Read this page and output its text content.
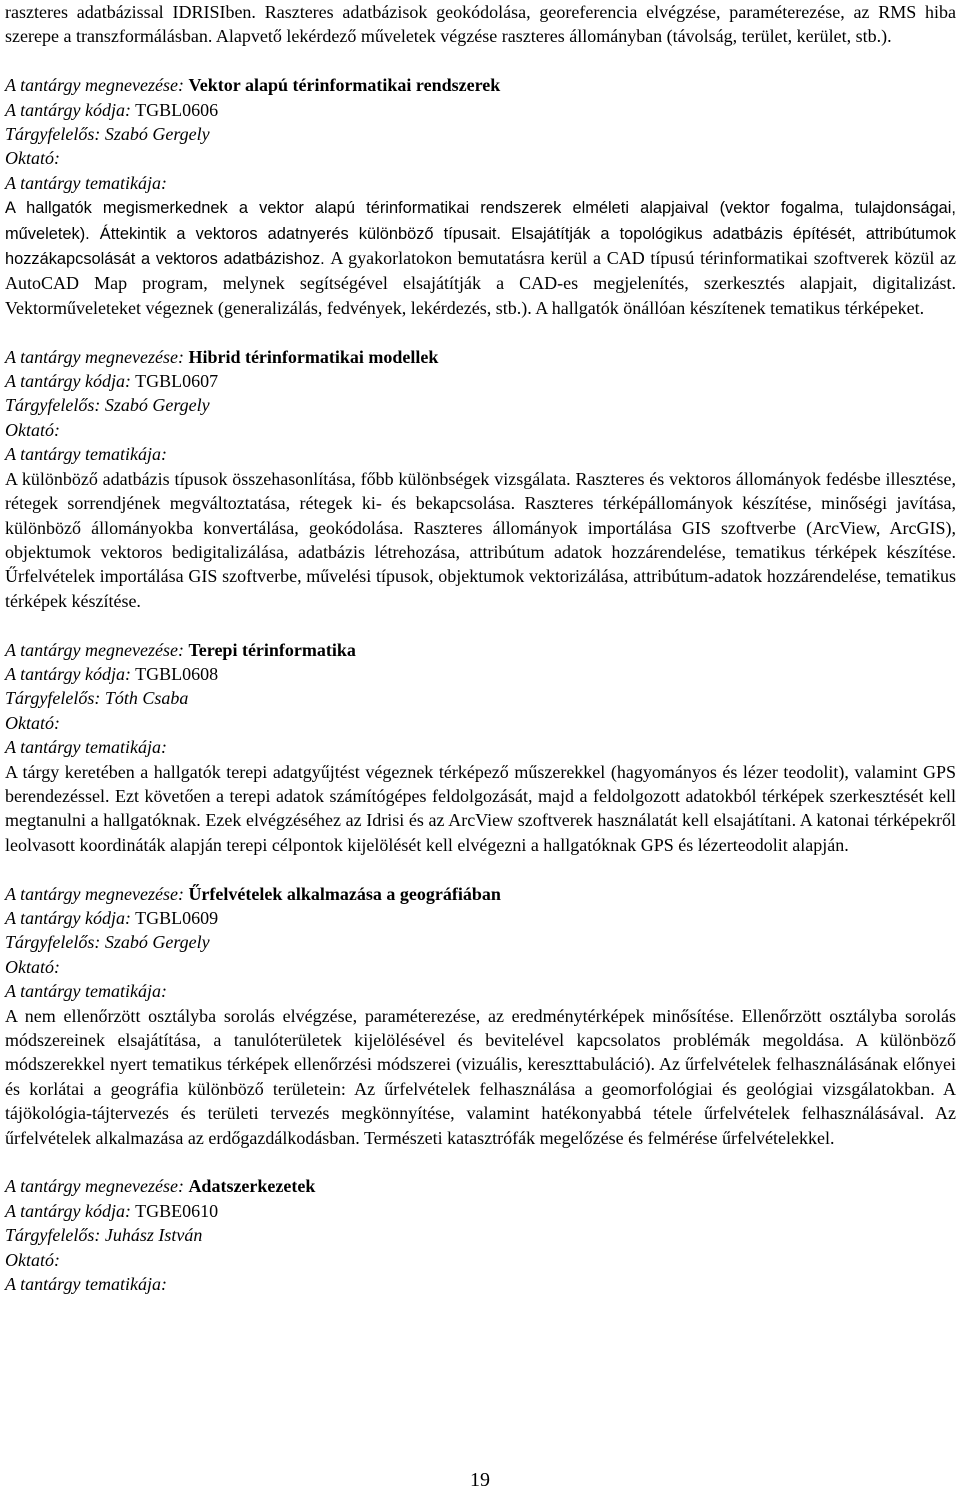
raszteres adatbázissal IDRISIben. Raszteres adatbázisok geokódolása, georeferencia elvégzése, paraméterezése, az RMS hiba szerepe a transzformálásban. Alapvető lekérdező műveletek végzése raszteres állományban (távolság, terület, kerület, stb.).

A tantárgy megnevezése: Vektor alapú térinformatikai rendszerek

A tantárgy kódja: TGBL0606

Tárgyfelelős: Szabó Gergely

Oktató:

A tantárgy tematikája:

A hallgatók megismerkednek a vektor alapú térinformatikai rendszerek elméleti alapjaival (vektor fogalma, tulajdonságai, műveletek). Áttekintik a vektoros adatnyerés különböző típusait. Elsajátítják a topológikus adatbázis építését, attribútumok hozzákapcsolását a vektoros adatbázishoz. A gyakorlatokon bemutatásra kerül a CAD típusú térinformatikai szoftverek közül az AutoCAD Map program, melynek segítségével elsajátítják a CAD-es megjelenítés, szerkesztés alapjait, digitalizást. Vektorműveleteket végeznek (generalizálás, fedvények, lekérdezés, stb.). A hallgatók önállóan készítenek tematikus térképeket.

A tantárgy megnevezése: Hibrid térinformatikai modellek

A tantárgy kódja: TGBL0607

Tárgyfelelős: Szabó Gergely

Oktató:

A tantárgy tematikája:

A különböző adatbázis típusok összehasonlítása, főbb különbségek vizsgálata. Raszteres és vektoros állományok fedésbe illesztése, rétegek sorrendjének megváltoztatása, rétegek ki- és bekapcsolása. Raszteres térképállományok készítése, minőségi javítása, különböző állományokba konvertálása, geokódolása. Raszteres állományok importálása GIS szoftverbe (ArcView, ArcGIS), objektumok vektoros bedigitalizálása, adatbázis létrehozása, attribútum adatok hozzárendelése, tematikus térképek készítése. Űrfelvételek importálása GIS szoftverbe, művelési típusok, objektumok vektorizálása, attribútum-adatok hozzárendelése, tematikus térképek készítése.

A tantárgy megnevezése: Terepi térinformatika

A tantárgy kódja: TGBL0608

Tárgyfelelős: Tóth Csaba

Oktató:

A tantárgy tematikája:

A tárgy keretében a hallgatók terepi adatgyűjtést végeznek térképező műszerekkel (hagyományos és lézer teodolit), valamint GPS berendezéssel. Ezt követően a terepi adatok számítógépes feldolgozását, majd a feldolgozott adatokból térképek szerkesztését kell megtanulni a hallgatóknak. Ezek elvégzéséhez az Idrisi és az ArcView szoftverek használatát kell elsajátítani. A katonai térképekről leolvasott koordináták alapján terepi célpontok kijelölését kell elvégezni a hallgatóknak GPS és lézerteodolit alapján.

A tantárgy megnevezése: Űrfelvételek alkalmazása a geográfiában

A tantárgy kódja: TGBL0609

Tárgyfelelős: Szabó Gergely

Oktató:

A tantárgy tematikája:

A nem ellenőrzött osztályba sorolás elvégzése, paraméterezése, az eredménytérképek minősítése. Ellenőrzött osztályba sorolás módszereinek elsajátítása, a tanulóterületek kijelölésével és bevitelével kapcsolatos problémák megoldása. A különböző módszerekkel nyert tematikus térképek ellenőrzési módszerei (vizuális, kereszttabuláció). Az űrfelvételek felhasználásának előnyei és korlátai a geográfia különböző területein: Az űrfelvételek felhasználása a geomorfológiai és geológiai vizsgálatokban. A tájökológia-tájtervezés és területi tervezés megkönnyítése, valamint hatékonyabbá tétele űrfelvételek felhasználásával. Az űrfelvételek alkalmazása az erdőgazdálkodásban. Természeti katasztrófák megelőzése és felmérése űrfelvételekkel.

A tantárgy megnevezése: Adatszerkezetek

A tantárgy kódja: TGBE0610

Tárgyfelelős: Juhász István

Oktató:

A tantárgy tematikája:

19
